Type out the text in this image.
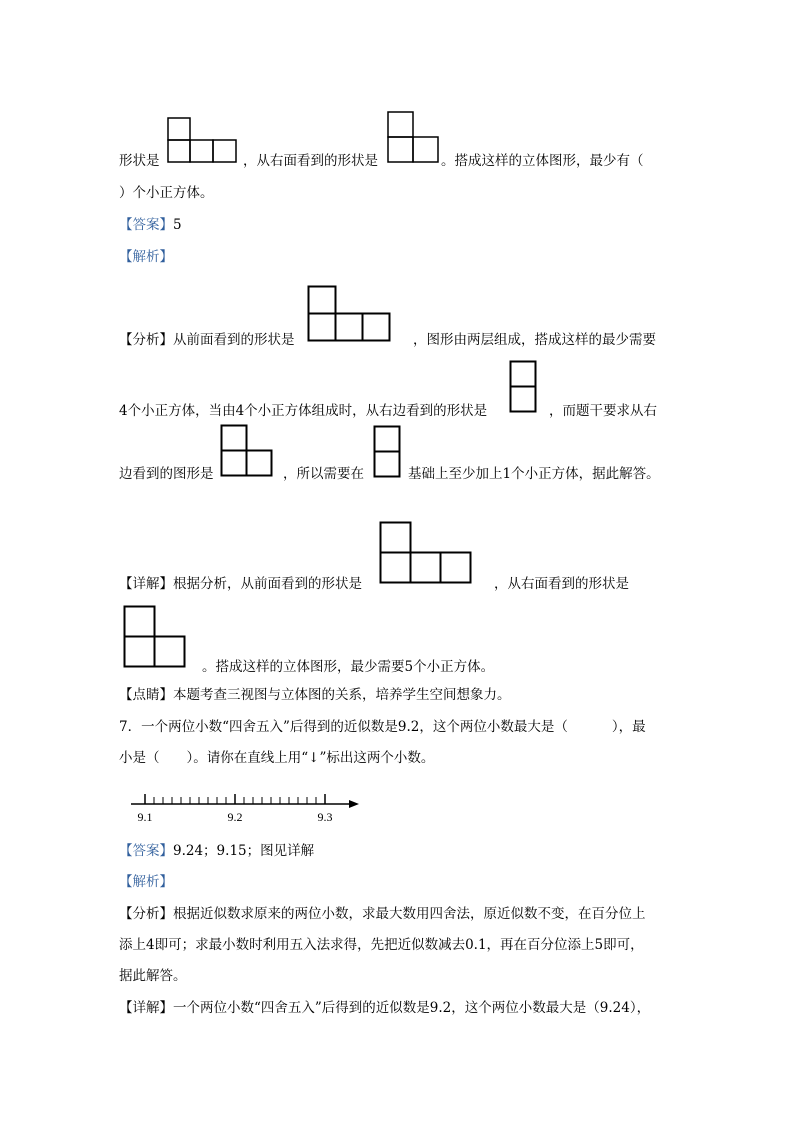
形状是	，从右面看到的形状是	。搭成这样的立体图形，最少有（
）个小正方体。
【答案】5
【解析】
【分析】从前面看到的形状是	，图形由两层组成，搭成这样的最少需要
4个小正方体，当由4个小正方体组成时，从右边看到的形状是	，而题干要求从右
边看到的图形是	，所以需要在	基础上至少加上1个小正方体，据此解答。
【详解】根据分析，从前面看到的形状是	，从右面看到的形状是
。搭成这样的立体图形，最少需要5个小正方体。
【点睛】本题考查三视图与立体图的关系，培养学生空间想象力。
7．一个两位小数“四舍五入”后得到的近似数是9.2，这个两位小数最大是（	），最
小是（　　）。请你在直线上用“↓”标出这两个小数。
9.1	9.2	9.3
【答案】9.24；9.15；图见详解
【解析】
【分析】根据近似数求原来的两位小数，求最大数用四舍法，原近似数不变，在百分位上
添上4即可；求最小数时利用五入法求得，先把近似数减去0.1，再在百分位添上5即可，
据此解答。
【详解】一个两位小数“四舍五入”后得到的近似数是9.2，这个两位小数最大是（9.24），
